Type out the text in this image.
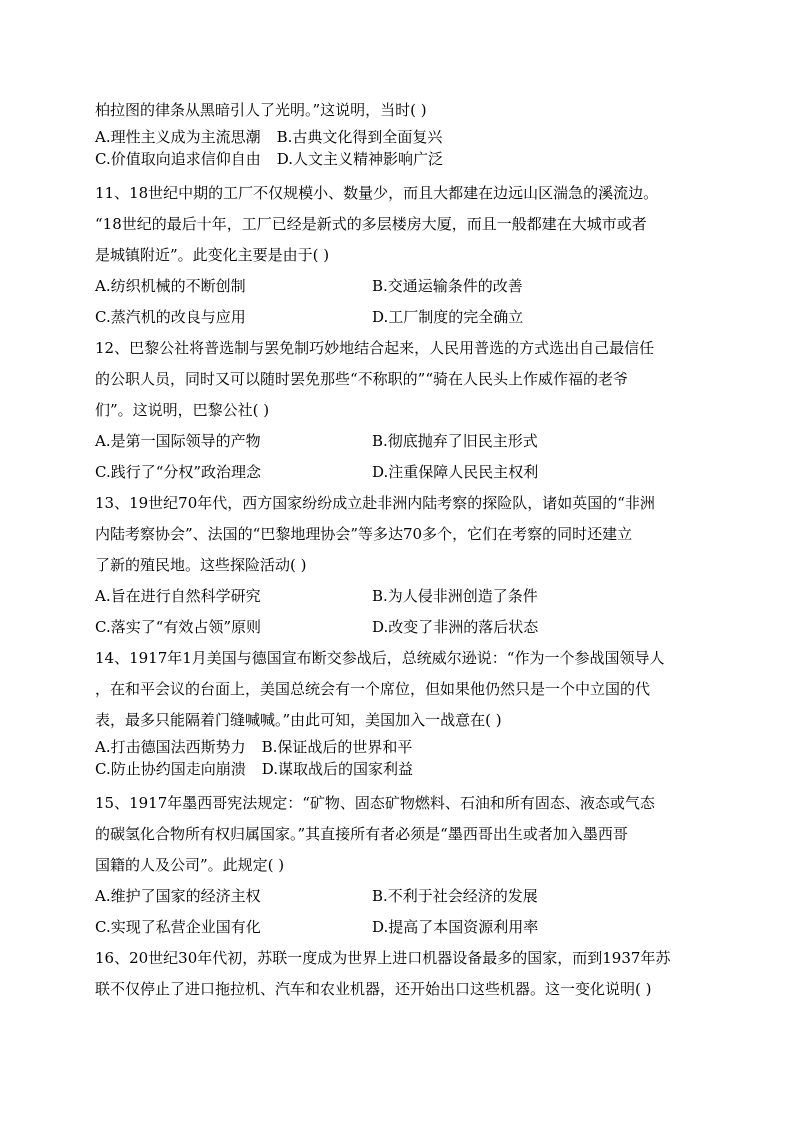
柏拉图的律条从黑暗引人了光明。”这说明，当时( )
A.理性主义成为主流思潮 B.古典文化得到全面复兴
C.价值取向追求信仰自由 D.人文主义精神影响广泛
11、18世纪中期的工厂不仅规模小、数量少，而且大都建在边远山区湍急的溪流边。
“18世纪的最后十年，工厂已经是新式的多层楼房大厦，而且一般都建在大城市或者
是城镇附近”。此变化主要是由于( )
A.纺织机械的不断创制	B.交通运输条件的改善
C.蒸汽机的改良与应用	D.工厂制度的完全确立
12、巴黎公社将普选制与罢免制巧妙地结合起来，人民用普选的方式选出自己最信任
的公职人员，同时又可以随时罢免那些“不称职的”“骑在人民头上作威作福的老爷
们”。这说明，巴黎公社( )
A.是第一国际领导的产物	B.彻底抛弃了旧民主形式
C.践行了“分权”政治理念	D.注重保障人民民主权利
13、19世纪70年代，西方国家纷纷成立赴非洲内陆考察的探险队，诸如英国的“非洲
内陆考察协会”、法国的“巴黎地理协会”等多达70多个，它们在考察的同时还建立
了新的殖民地。这些探险活动( )
A.旨在进行自然科学研究	B.为人侵非洲创造了条件
C.落实了“有效占领”原则	D.改变了非洲的落后状态
14、1917年1月美国与德国宣布断交参战后，总统威尔逊说：“作为一个参战国领导人
，在和平会议的台面上，美国总统会有一个席位，但如果他仍然只是一个中立国的代
表，最多只能隔着门缝喊喊。”由此可知，美国加入一战意在( )
A.打击德国法西斯势力 B.保证战后的世界和平
C.防止协约国走向崩溃 D.谋取战后的国家利益
15、1917年墨西哥宪法规定：“矿物、固态矿物燃料、石油和所有固态、液态或气态
的碳氢化合物所有权归属国家。”其直接所有者必须是“墨西哥出生或者加入墨西哥
国籍的人及公司”。此规定( )
A.维护了国家的经济主权	B.不利于社会经济的发展
C.实现了私营企业国有化	D.提高了本国资源利用率
16、20世纪30年代初，苏联一度成为世界上进口机器设备最多的国家，而到1937年苏
联不仅停止了进口拖拉机、汽车和农业机器，还开始出口这些机器。这一变化说明( )
